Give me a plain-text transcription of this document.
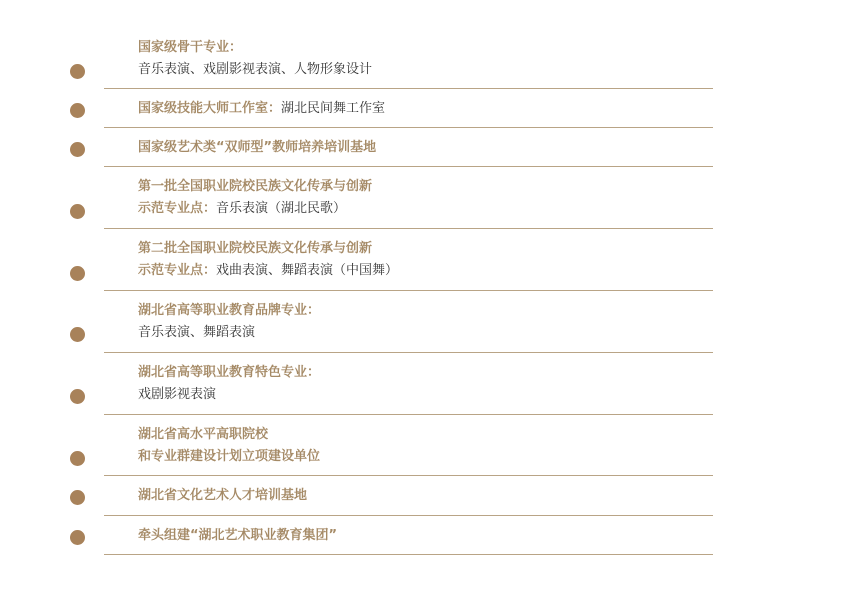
国家级骨干专业：
音乐表演、戏剧影视表演、人物形象设计
国家级技能大师工作室：湖北民间舞工作室
国家级艺术类“双师型”教师培养培训基地
第一批全国职业院校民族文化传承与创新
示范专业点：音乐表演（湖北民歌）
第二批全国职业院校民族文化传承与创新
示范专业点：戏曲表演、舞蹈表演（中国舞）
湖北省高等职业教育品牌专业：
音乐表演、舞蹈表演
湖北省高等职业教育特色专业：
戏剧影视表演
湖北省高水平高职院校
和专业群建设计划立项建设单位
湖北省文化艺术人才培训基地
牵头组建“湖北艺术职业教育集团”
